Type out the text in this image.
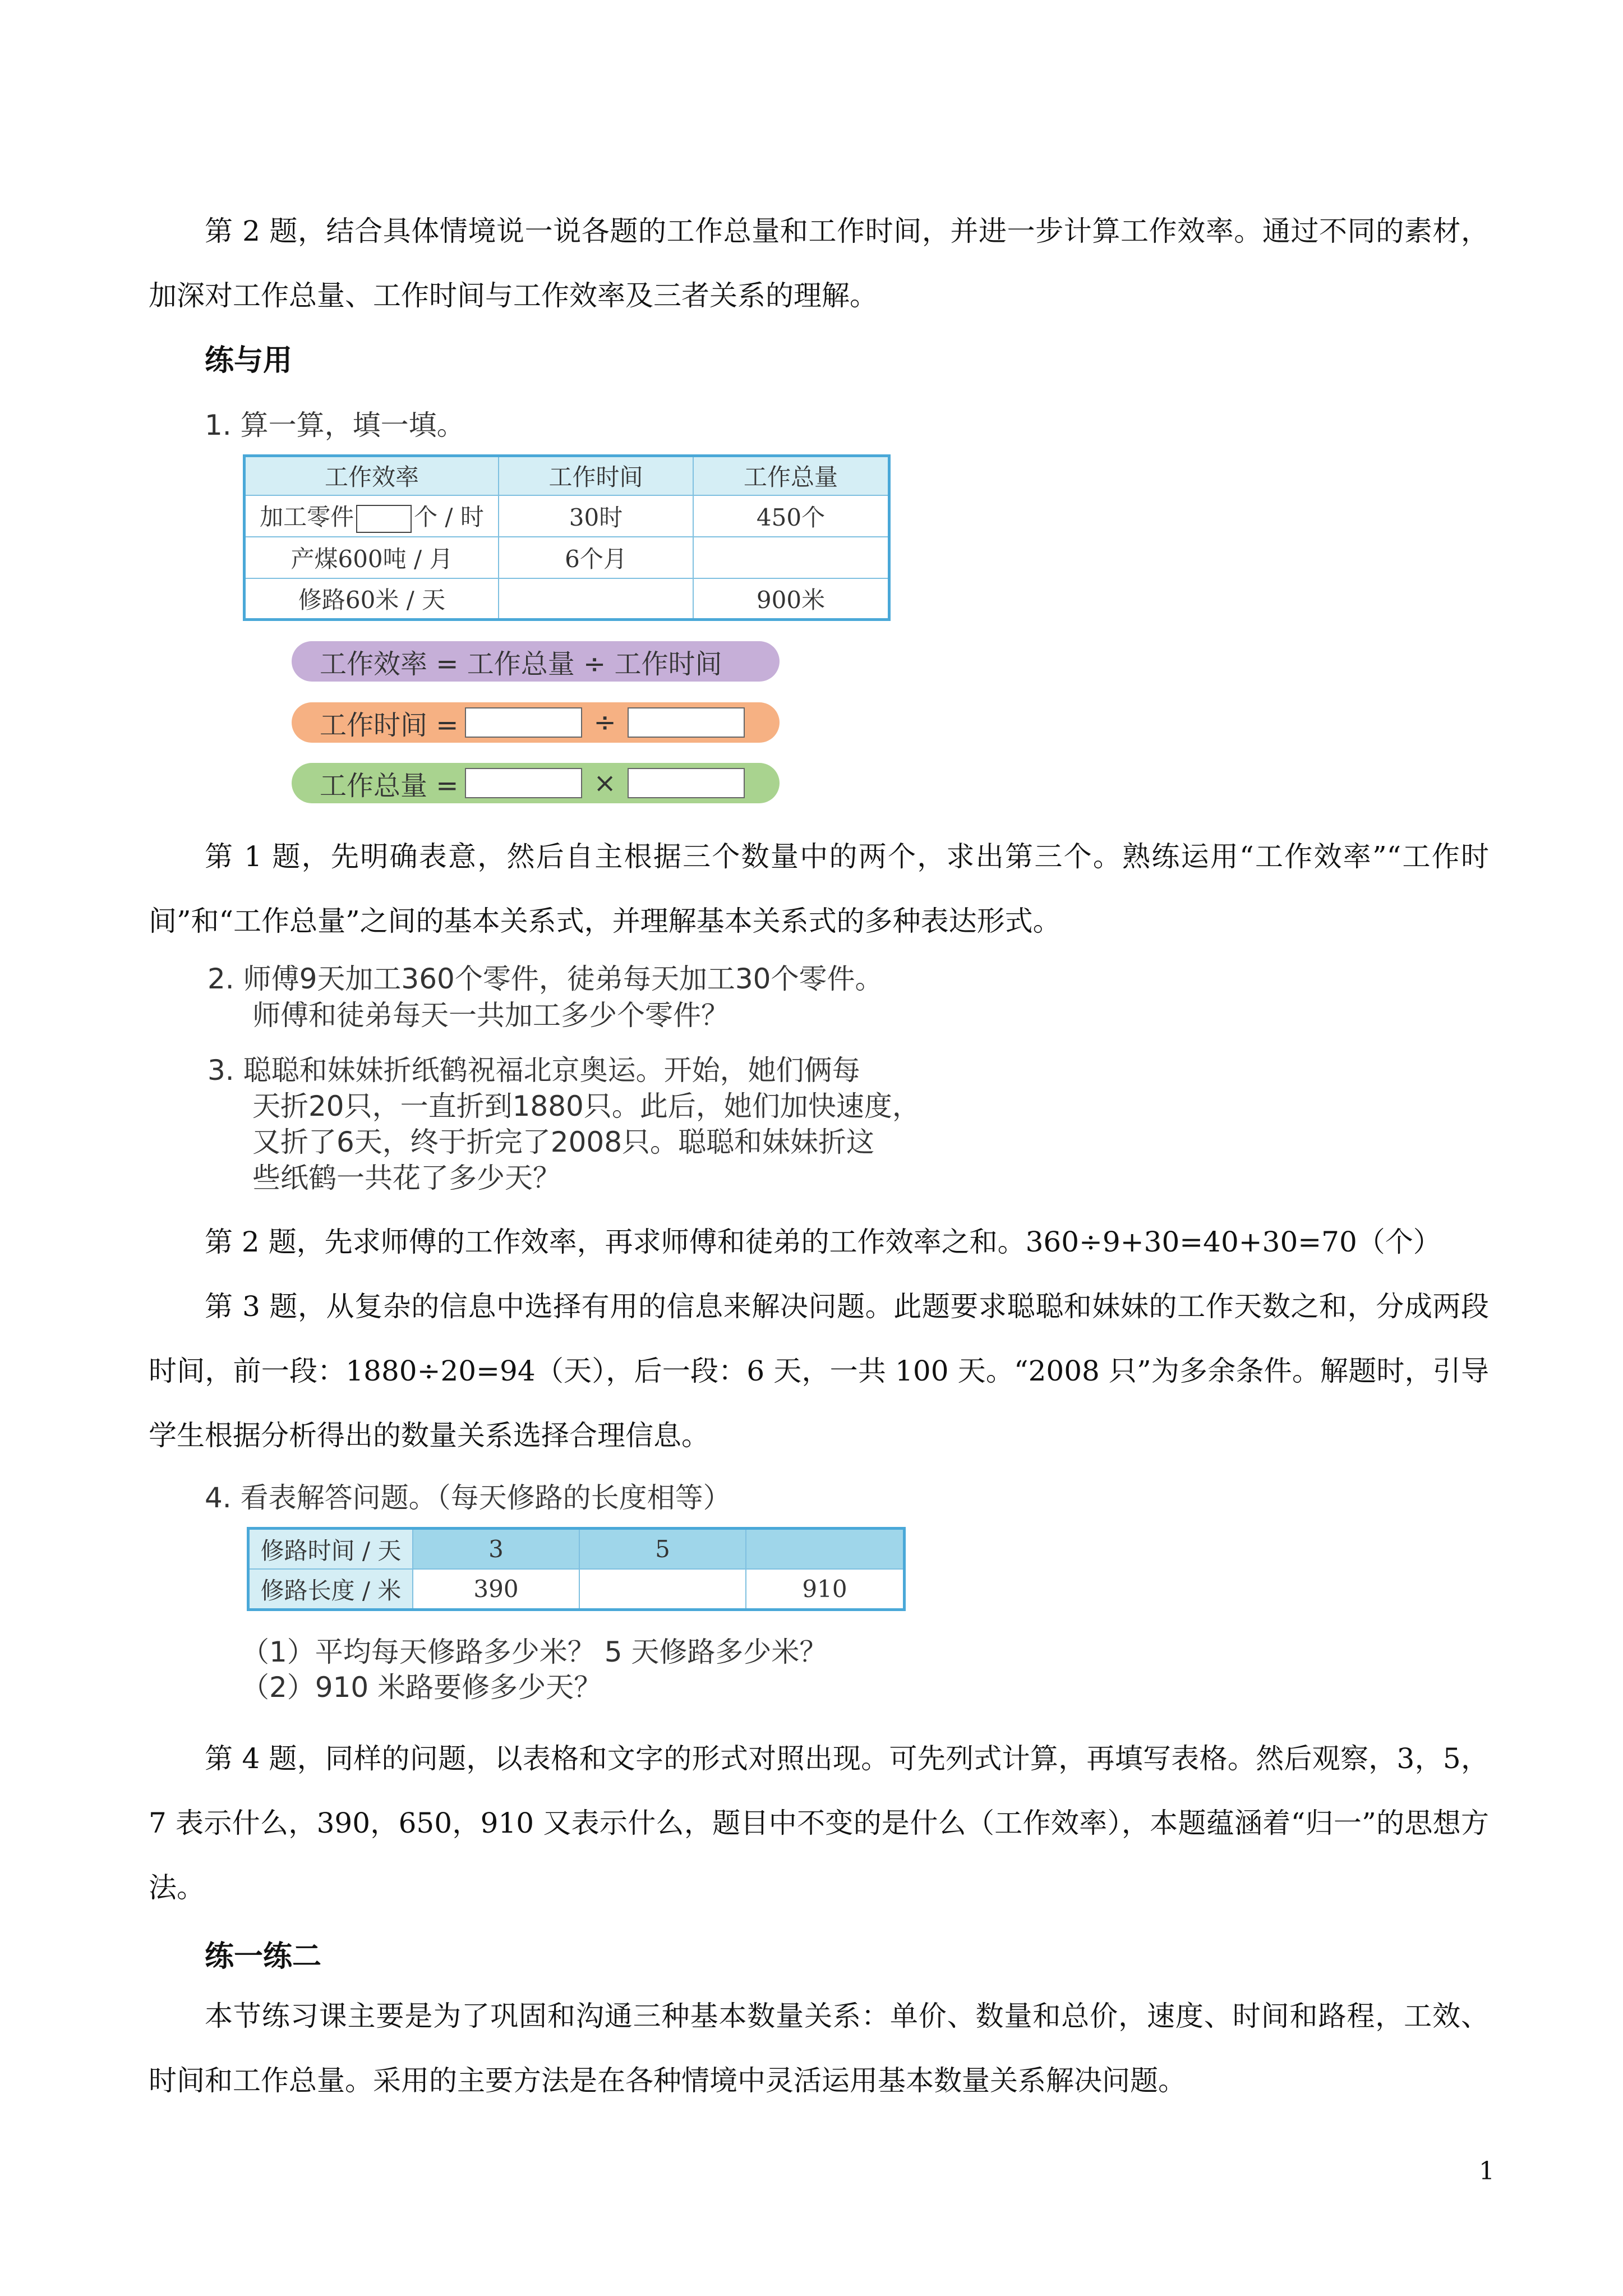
第 2 题，结合具体情境说一说各题的工作总量和工作时间，并进一步计算工作效率。通过不同的素材，加深对工作总量、工作时间与工作效率及三者关系的理解。

练与用
1. 算一算，填一填。
工作效率	工作时间	工作总量
加工零件 个 / 时	30时	450个
产煤600吨 / 月	6个月	
修路60米 / 天		900米
工作效率 = 工作总量 ÷ 工作时间
工作时间 =	÷
工作总量 =	×

第 1 题，先明确表意，然后自主根据三个数量中的两个，求出第三个。熟练运用“工作效率”“工作时间”和“工作总量”之间的基本关系式，并理解基本关系式的多种表达形式。

2. 师傅9天加工360个零件，徒弟每天加工30个零件。
师傅和徒弟每天一共加工多少个零件？
3. 聪聪和妹妹折纸鹤祝福北京奥运。开始，她们俩每
天折20只，一直折到1880只。此后，她们加快速度，
又折了6天，终于折完了2008只。聪聪和妹妹折这
些纸鹤一共花了多少天？

第 2 题，先求师傅的工作效率，再求师傅和徒弟的工作效率之和。360÷9+30=40+30=70（个）

第 3 题，从复杂的信息中选择有用的信息来解决问题。此题要求聪聪和妹妹的工作天数之和，分成两段时间，前一段：1880÷20=94（天），后一段：6 天，一共 100 天。“2008 只”为多余条件。解题时，引导学生根据分析得出的数量关系选择合理信息。

4. 看表解答问题。（每天修路的长度相等）
修路时间 / 天	3	5	
修路长度 / 米	390		910
（1）平均每天修路多少米？ 5 天修路多少米？
（2）910 米路要修多少天？

第 4 题，同样的问题，以表格和文字的形式对照出现。可先列式计算，再填写表格。然后观察，3，5，7 表示什么，390，650，910 又表示什么，题目中不变的是什么（工作效率），本题蕴涵着“归一”的思想方法。

练一练二

本节练习课主要是为了巩固和沟通三种基本数量关系：单价、数量和总价，速度、时间和路程，工效、时间和工作总量。采用的主要方法是在各种情境中灵活运用基本数量关系解决问题。

1
